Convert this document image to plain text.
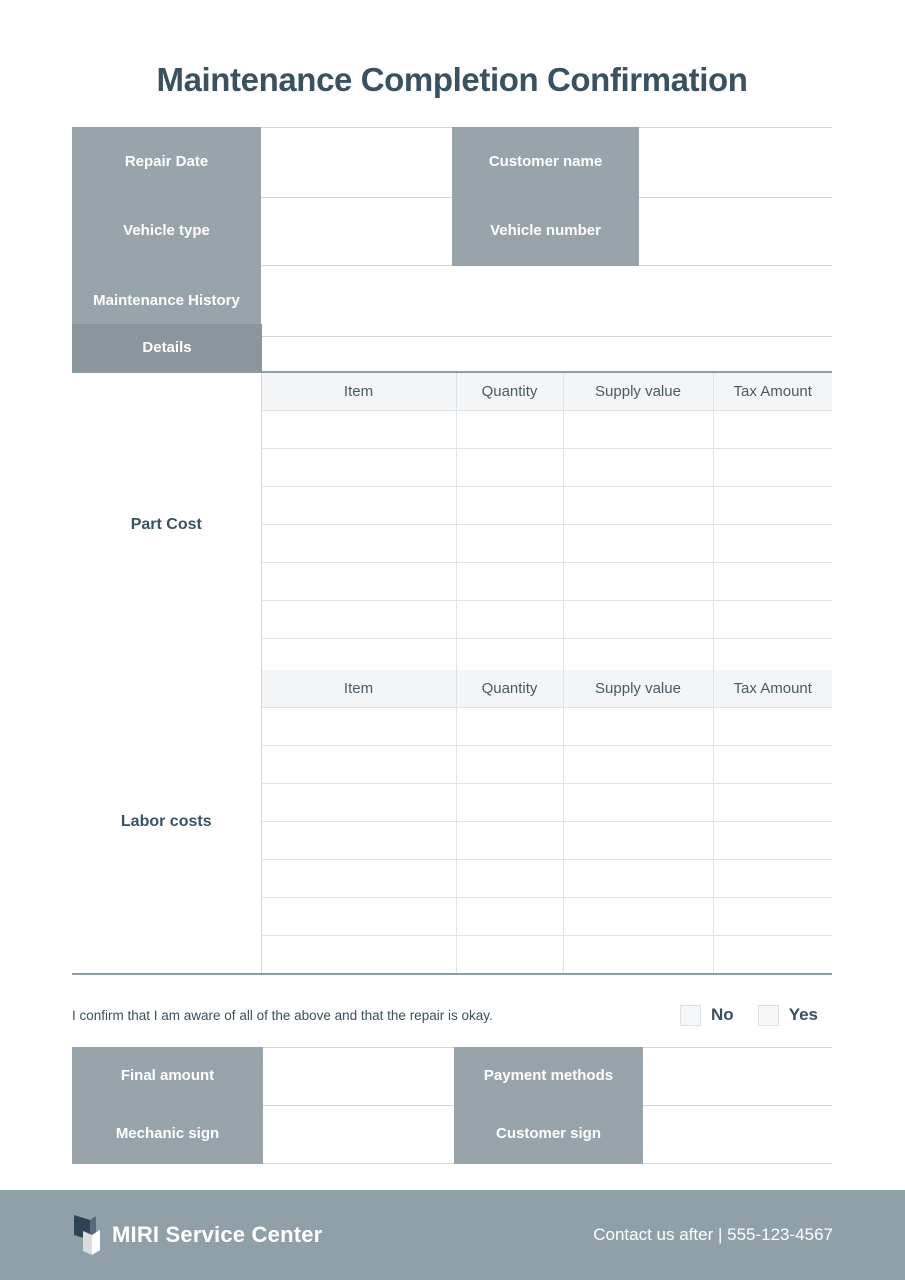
Maintenance Completion Confirmation
Repair Date		Customer name	
Vehicle type		Vehicle number	
Maintenance History			
Details
Part Cost	Item	Quantity	Supply value	Tax Amount

Labor costs	Item	Quantity	Supply value	Tax Amount

I confirm that I am aware of all of the above and that the repair is okay.	No	Yes
Final amount		Payment methods	
Mechanic sign		Customer sign	
MIRI Service Center	Contact us after | 555-123-4567
